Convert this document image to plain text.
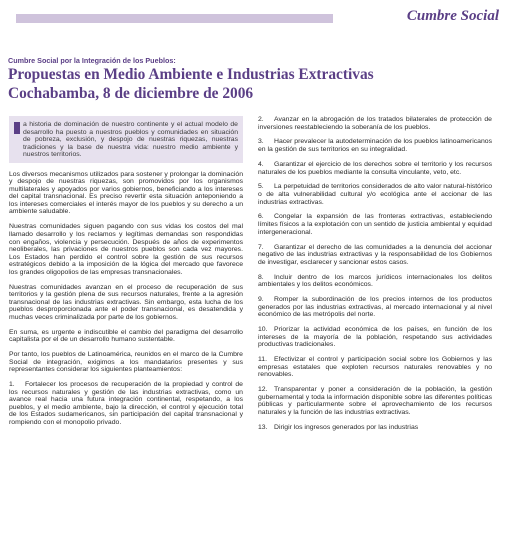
Cumbre Social
Cumbre Social por la Integración de los Pueblos:
Propuestas en Medio Ambiente e Industrias Extractivas
Cochabamba, 8 de diciembre de 2006
a historia de dominación de nuestro continente y el actual modelo de desarrollo ha puesto a nuestros pueblos y comunidades en situación de pobreza, exclusión, y despojo de nuestras riquezas, nuestras tradiciones y la base de nuestra vida: nuestro medio ambiente y nuestros territorios.

Los diversos mecanismos utilizados para sostener y prolongar la dominación y despojo de nuestras riquezas, son promovidos por los organismos multilaterales y apoyados por varios gobiernos, beneficiando a los intereses del capital transnacional. Es preciso revertir esta situación anteponiendo a los intereses comerciales el interés mayor de los pueblos y su derecho a un ambiente saludable.

Nuestras comunidades siguen pagando con sus vidas los costos del mal llamado desarrollo y los reclamos y legítimas demandas son respondidas con engaños, violencia y persecución. Después de años de experimentos neoliberales, las privaciones de nuestros pueblos son cada vez mayores. Los Estados han perdido el control sobre la gestión de sus recursos estratégicos debido a la imposición de la lógica del mercado que favorece los grandes oligopolios de las empresas transnacionales.

Nuestras comunidades avanzan en el proceso de recuperación de sus territorios y la gestión plena de sus recursos naturales, frente a la agresión transnacional de las industrias extractivas. Sin embargo, esta lucha de los pueblos desproporcionada ante el poder transnacional, es desatendida y muchas veces criminalizada por parte de los gobiernos.

En suma, es urgente e indiscutible el cambio del paradigma del desarrollo capitalista por el de un desarrollo humano sustentable.

Por tanto, los pueblos de Latinoamérica, reunidos en el marco de la Cumbre Social de integración, exigimos a los mandatarios presentes y sus representantes considerar los siguientes planteamientos:

1. Fortalecer los procesos de recuperación de la propiedad y control de los recursos naturales y gestión de las industrias extractivas, como un avance real hacia una futura integración continental, respetando, a los pueblos, y el medio ambiente, bajo la dirección, el control y ejecución total de los Estados sudamericanos, sin participación del capital transnacional y rompiendo con el monopolio privado.

2. Avanzar en la abrogación de los tratados bilaterales de protección de inversiones reestableciendo la soberanía de los pueblos.

3. Hacer prevalecer la autodeterminación de los pueblos latinoamericanos en la gestión de sus territorios en su integralidad.

4. Garantizar el ejercicio de los derechos sobre el territorio y los recursos naturales de los pueblos mediante la consulta vinculante, veto, etc.

5. La perpetuidad de territorios considerados de alto valor natural-histórico o de alta vulnerabilidad cultural y/o ecológica ante el accionar de las industrias extractivas.

6. Congelar la expansión de las fronteras extractivas, estableciendo límites físicos a la explotación con un sentido de justicia ambiental y equidad intergeneracional.

7. Garantizar el derecho de las comunidades a la denuncia del accionar negativo de las industrias extractivas y la responsabilidad de los Gobiernos de investigar, esclarecer y sancionar estos casos.

8. Incluir dentro de los marcos jurídicos internacionales los delitos ambientales y los delitos económicos.

9. Romper la subordinación de los precios internos de los productos generados por las industrias extractivas, al mercado internacional y al nivel económico de las metrópolis del norte.

10. Priorizar la actividad económica de los países, en función de los intereses de la mayoría de la población, respetando sus actividades productivas tradicionales.

11. Efectivizar el control y participación social sobre los Gobiernos y las empresas estatales que exploten recursos naturales renovables y no renovables.

12. Transparentar y poner a consideración de la población, la gestión gubernamental y toda la información disponible sobre las diferentes políticas públicas y particularmente sobre el aprovechamiento de los recursos naturales y la función de las industrias extractivas.

13. Dirigir los ingresos generados por las industrias
